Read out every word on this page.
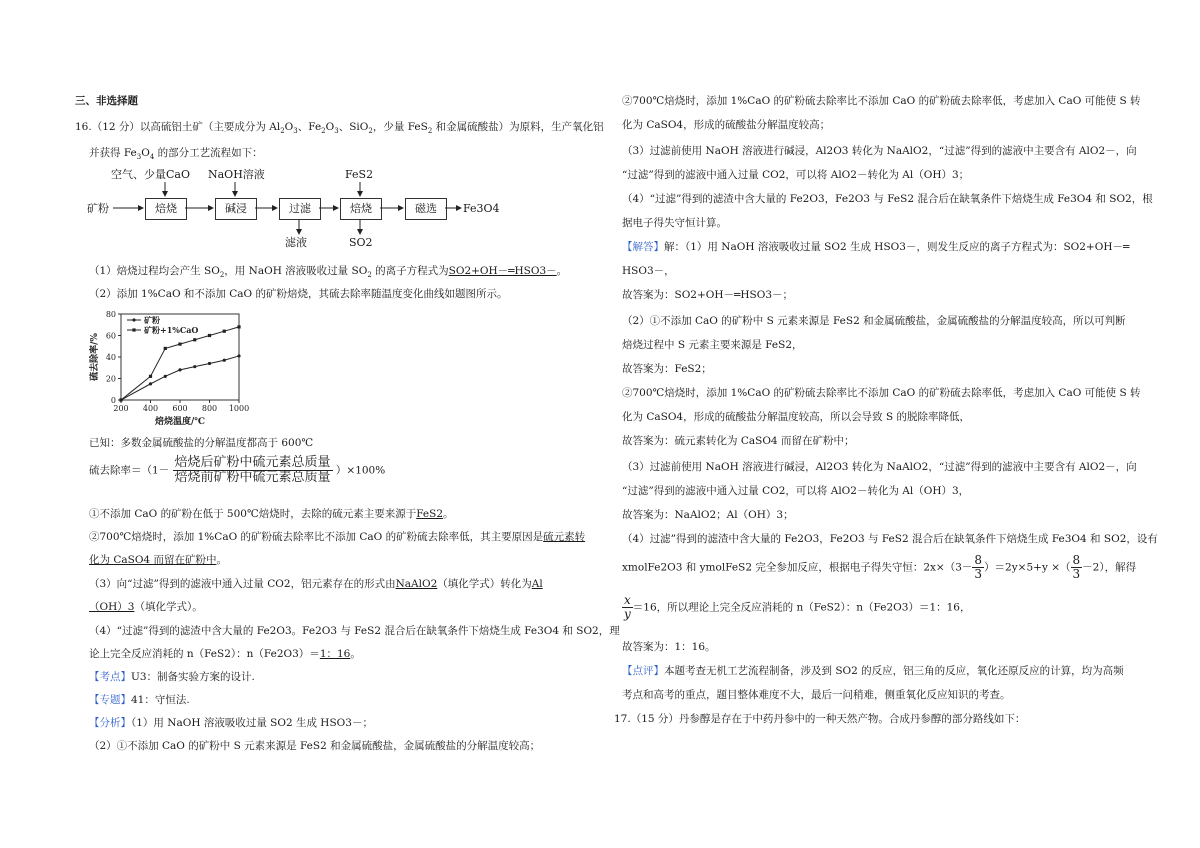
三、非选择题
16.（12 分）以高硫铝土矿（主要成分为 $Al_2O_3$、$Fe_2O_3$、SiO$_2$，少量 FeS$_2$ 和金属硫酸盐）为原料，生产氧化铝
并获得 $Fe_3O_4$ 的部分工艺流程如下：
空气、少量CaO NaOH溶液	FeS2
矿粉	焙烧	碱浸	过滤	焙烧	磁选	Fe3O4
滤液	SO2
（1）焙烧过程均会产生 $SO_2$，用 NaOH 溶液吸收过量 $SO_2$ 的离子方程式为SO2+OH－═HSO3－。
（2）添加 1%CaO 和不添加 CaO 的矿粉焙烧，其硫去除率随温度变化曲线如题图所示。
0
20
40
60
80
200 400 600 800 1000
硫去除率/%
焙烧温度/℃
矿粉
矿粉+1%CaO
已知：多数金属硫酸盐的分解温度都高于 600℃
硫去除率$=(1- \frac{\text{焙烧后矿粉中硫元素总质量}}{\text{焙烧前矿粉中硫元素总质量}} )\times 100\%$
①不添加 CaO 的矿粉在低于 500℃焙烧时，去除的硫元素主要来源于FeS2。
②700℃焙烧时，添加 1%CaO 的矿粉硫去除率比不添加 CaO 的矿粉硫去除率低，其主要原因是硫元素转
化为 CaSO4 而留在矿粉中。
（3）向“过滤”得到的滤液中通入过量 CO2，铝元素存在的形式由NaAlO2（填化学式）转化为Al
（OH）3（填化学式）。
（4）“过滤”得到的滤渣中含大量的 Fe2O3。Fe2O3 与 FeS2 混合后在缺氧条件下焙烧生成 Fe3O4 和 SO2，理
论上完全反应消耗的 n（FeS2）：n（Fe2O3）＝1：16。
【考点】U3：制备实验方案的设计.
【专题】41：守恒法.
【分析】（1）用 NaOH 溶液吸收过量 SO2 生成 HSO3－；
（2）①不添加 CaO 的矿粉中 S 元素来源是 FeS2 和金属硫酸盐，金属硫酸盐的分解温度较高；
②700℃焙烧时，添加 1%CaO 的矿粉硫去除率比不添加 CaO 的矿粉硫去除率低，考虑加入 CaO 可能使 S 转
化为 CaSO4，形成的硫酸盐分解温度较高；
（3）过滤前使用 NaOH 溶液进行碱浸，Al2O3 转化为 NaAlO2，“过滤”得到的滤液中主要含有 AlO2－，向
“过滤”得到的滤液中通入过量 CO2，可以将 AlO2－转化为 Al（OH）3；
（4）“过滤”得到的滤渣中含大量的 Fe2O3，Fe2O3 与 FeS2 混合后在缺氧条件下焙烧生成 Fe3O4 和 SO2，根
据电子得失守恒计算。
【解答】解：（1）用 NaOH 溶液吸收过量 SO2 生成 HSO3－，则发生反应的离子方程式为：SO2+OH－═
HSO3－，
故答案为：SO2+OH－═HSO3－；
（2）①不添加 CaO 的矿粉中 S 元素来源是 FeS2 和金属硫酸盐，金属硫酸盐的分解温度较高，所以可判断
焙烧过程中 S 元素主要来源是 FeS2，
故答案为：FeS2；
②700℃焙烧时，添加 1%CaO 的矿粉硫去除率比不添加 CaO 的矿粉硫去除率低，考虑加入 CaO 可能使 S 转
化为 CaSO4，形成的硫酸盐分解温度较高，所以会导致 S 的脱除率降低，
故答案为：硫元素转化为 CaSO4 而留在矿粉中；
（3）过滤前使用 NaOH 溶液进行碱浸，Al2O3 转化为 NaAlO2，“过滤”得到的滤液中主要含有 AlO2－，向
“过滤”得到的滤液中通入过量 CO2，可以将 AlO2－转化为 Al（OH）3，
故答案为：NaAlO2；Al（OH）3；
（4）过滤”得到的滤渣中含大量的 Fe2O3，Fe2O3 与 FeS2 混合后在缺氧条件下焙烧生成 Fe3O4 和 SO2，设有
xmolFe2O3 和 ymolFeS2 完全参加反应，根据电子得失守恒：$2x\times(3- \frac{8}{3} )=2y\times 5+y$ ×（ $\frac{8}{3} -2$），解得
$\frac{x}{y} =16$，所以理论上完全反应消耗的 n（FeS2）：n（Fe2O3）＝1：16，
故答案为：1：16。
【点评】本题考查无机工艺流程制备，涉及到 SO2 的反应，铝三角的反应，氧化还原反应的计算，均为高频
考点和高考的重点，题目整体难度不大，最后一问稍难，侧重氧化反应知识的考查。
17.（15 分）丹参醇是存在于中药丹参中的一种天然产物。合成丹参醇的部分路线如下：
